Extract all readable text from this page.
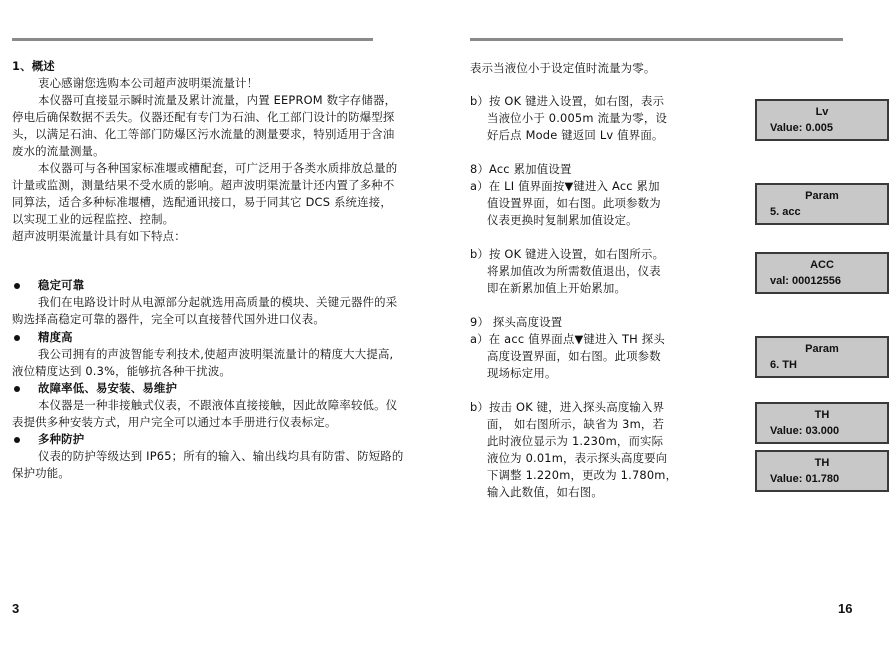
1、概述
衷心感谢您选购本公司超声波明渠流量计！
本仪器可直接显示瞬时流量及累计流量，内置 EEPROM 数字存储器，
停电后确保数据不丢失。仪器还配有专门为石油、化工部门设计的防爆型探
头，以满足石油、化工等部门防爆区污水流量的测量要求，特别适用于含油
废水的流量测量。
本仪器可与各种国家标准堰或槽配套，可广泛用于各类水质排放总量的
计量或监测，测量结果不受水质的影响。超声波明渠流量计还内置了多种不
同算法，适合多种标准堰槽，选配通讯接口，易于同其它 DCS 系统连接，
以实现工业的远程监控、控制。
超声波明渠流量计具有如下特点：
稳定可靠
我们在电路设计时从电源部分起就选用高质量的模块、关键元器件的采
购选择高稳定可靠的器件，完全可以直接替代国外进口仪表。
精度高
我公司拥有的声波智能专利技术,使超声波明渠流量计的精度大大提高,
液位精度达到 0.3%，能够抗各种干扰波。
故障率低、易安装、易维护
本仪器是一种非接触式仪表，不跟液体直接接触，因此故障率较低。仪
表提供多种安装方式，用户完全可以通过本手册进行仪表标定。
多种防护
仪表的防护等级达到 IP65；所有的输入、输出线均具有防雷、防短路的
保护功能。
3
表示当液位小于设定值时流量为零。
b）按 OK 键进入设置，如右图，表示
当液位小于 0.005m 流量为零，设
好后点 Mode 键返回 Lv 值界面。
8）Acc 累加值设置
a）在 LI 值界面按▼键进入 Acc 累加
值设置界面，如右图。此项参数为
仪表更换时复制累加值设定。
b）按 OK 键进入设置，如右图所示。
将累加值改为所需数值退出，仪表
即在新累加值上开始累加。
9） 探头高度设置
a）在 acc 值界面点▼键进入 TH 探头
高度设置界面，如右图。此项参数
现场标定用。
b）按击 OK 键，进入探头高度输入界
面， 如右图所示，缺省为 3m，若
此时液位显示为 1.230m，而实际
液位为 0.01m，表示探头高度要向
下调整 1.220m，更改为 1.780m，
输入此数值，如右图。
Lv
Value: 0.005
Param
5. acc
ACC
val: 00012556
Param
6. TH
TH
Value: 03.000
TH
Value: 01.780
16
